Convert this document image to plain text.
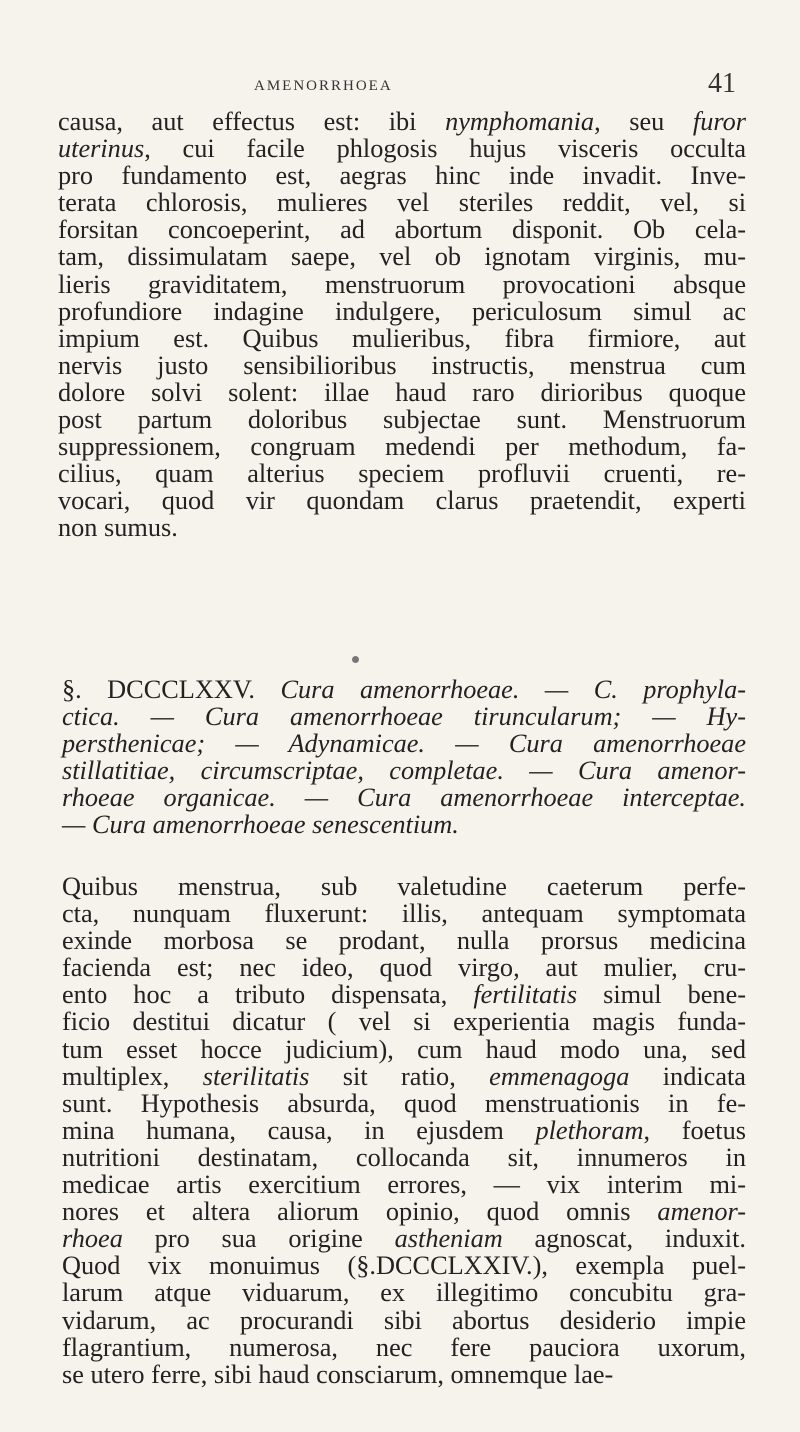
AMENORRHOEA	41
causa, aut effectus est: ibi nymphomania, seu furor
uterinus, cui facile phlogosis hujus visceris occulta
pro fundamento est, aegras hinc inde invadit. Inve-
terata chlorosis, mulieres vel steriles reddit, vel, si
forsitan concoeperint, ad abortum disponit. Ob cela-
tam, dissimulatam saepe, vel ob ignotam virginis, mu-
lieris graviditatem, menstruorum provocationi absque
profundiore indagine indulgere, periculosum simul ac
impium est. Quibus mulieribus, fibra firmiore, aut
nervis justo sensibilioribus instructis, menstrua cum
dolore solvi solent: illae haud raro dirioribus quoque
post partum doloribus subjectae sunt. Menstruorum
suppressionem, congruam medendi per methodum, fa-
cilius, quam alterius speciem profluvii cruenti, re-
vocari, quod vir quondam clarus praetendit, experti
non sumus.
§. DCCCLXXV. Cura amenorrhoeae. — C. prophyla-
ctica. — Cura amenorrhoeae tiruncularum; — Hy-
persthenicae; — Adynamicae. — Cura amenorrhoeae
stillatitiae, circumscriptae, completae. — Cura amenor-
rhoeae organicae. — Cura amenorrhoeae interceptae.
— Cura amenorrhoeae senescentium.
Quibus menstrua, sub valetudine caeterum perfe-
cta, nunquam fluxerunt: illis, antequam symptomata
exinde morbosa se prodant, nulla prorsus medicina
facienda est; nec ideo, quod virgo, aut mulier, cru-
ento hoc a tributo dispensata, fertilitatis simul bene-
ficio destitui dicatur ( vel si experientia magis funda-
tum esset hocce judicium), cum haud modo una, sed
multiplex, sterilitatis sit ratio, emmenagoga indicata
sunt. Hypothesis absurda, quod menstruationis in fe-
mina humana, causa, in ejusdem plethoram, foetus
nutritioni destinatam, collocanda sit, innumeros in
medicae artis exercitium errores, — vix interim mi-
nores et altera aliorum opinio, quod omnis amenor-
rhoea pro sua origine astheniam agnoscat, induxit.
Quod vix monuimus (§.DCCCLXXIV.), exempla puel-
larum atque viduarum, ex illegitimo concubitu gra-
vidarum, ac procurandi sibi abortus desiderio impie
flagrantium, numerosa, nec fere pauciora uxorum,
se utero ferre, sibi haud consciarum, omnemque lae-
